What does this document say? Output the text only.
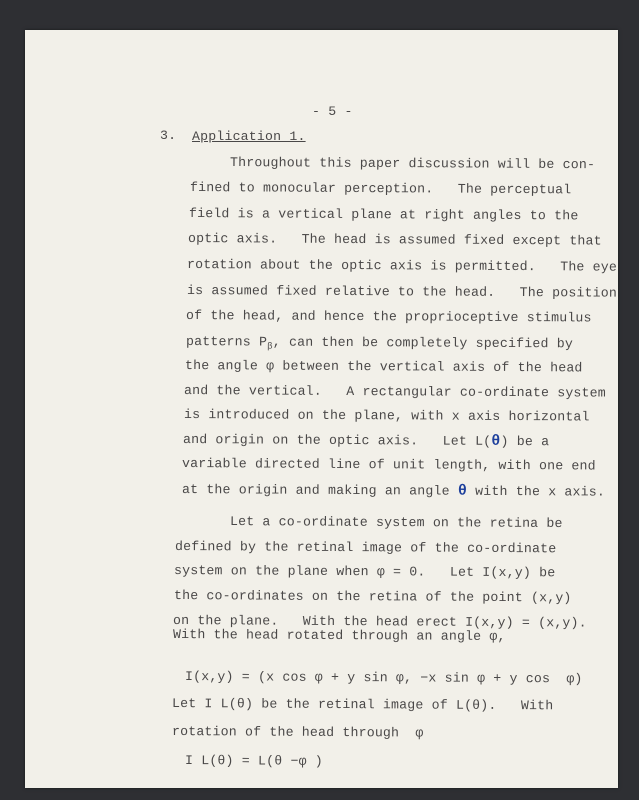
- 5 -
3. Application 1.
Throughout this paper discussion will be con-
fined to monocular perception.   The perceptual
field is a vertical plane at right angles to the
optic axis.   The head is assumed fixed except that
rotation about the optic axis is permitted.   The eye
is assumed fixed relative to the head.   The position
of the head, and hence the proprioceptive stimulus
patterns $P_\beta$, can then be completely specified by
the angle φ between the vertical axis of the head
and the vertical.   A rectangular co-ordinate system
is introduced on the plane, with x axis horizontal
and origin on the optic axis.   Let L(θ) be a
variable directed line of unit length, with one end
at the origin and making an angle θ with the x axis.
Let a co-ordinate system on the retina be
defined by the retinal image of the co-ordinate
system on the plane when φ = 0.   Let I(x,y) be
the co-ordinates on the retina of the point (x,y)
on the plane.   With the head erect I(x,y) = (x,y).
With the head rotated through an angle φ,
I(x,y) = (x cos φ + y sin φ, −x sin φ + y cos  φ)
Let I L(θ) be the retinal image of L(θ).   With
rotation of the head through  φ
I L(θ) = L(θ −φ )
